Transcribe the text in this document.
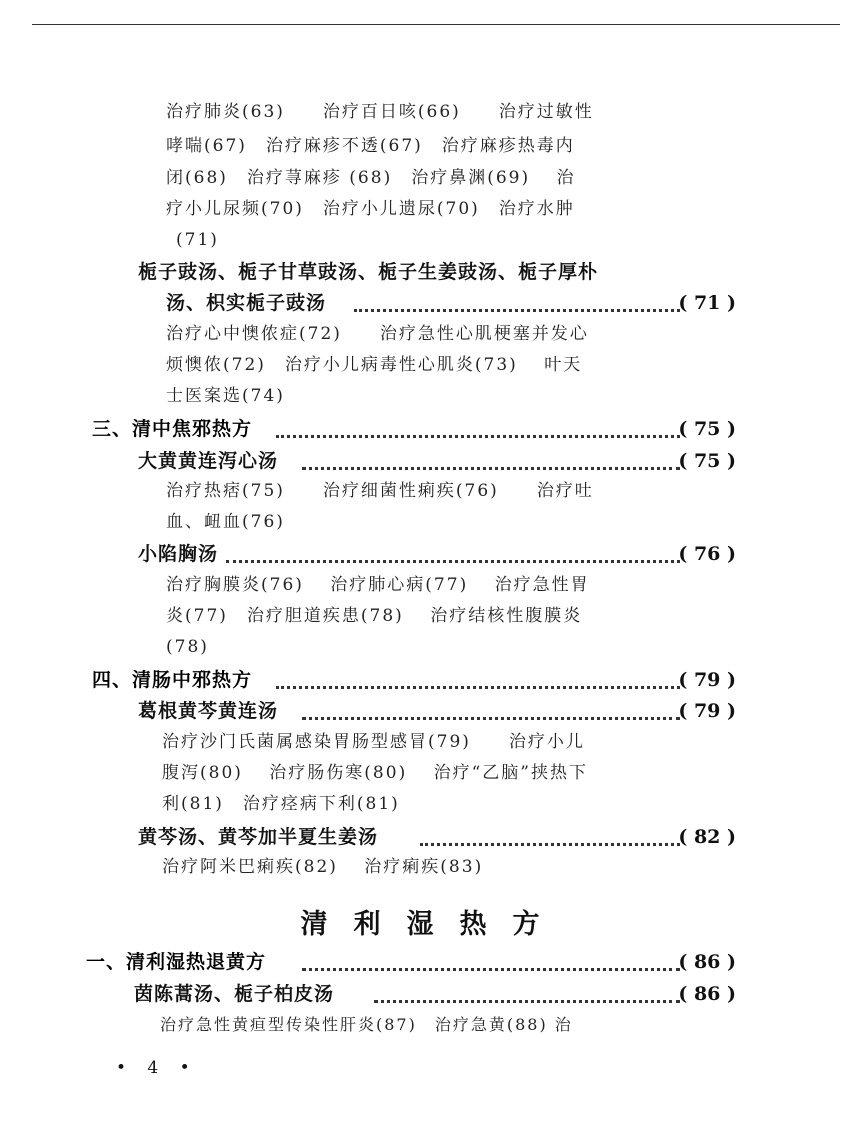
治疗肺炎(63)　　治疗百日咳(66)　　治疗过敏性
哮喘(67)　治疗麻疹不透(67)　治疗麻疹热毒内
闭(68)　治疗荨麻疹 (68)　治疗鼻渊(69)　 治
疗小儿尿频(70)　治疗小儿遗尿(70)　治疗水肿
(71)
栀子豉汤、栀子甘草豉汤、栀子生姜豉汤、栀子厚朴
汤、枳实栀子豉汤	( 71 )
治疗心中懊侬症(72)　　治疗急性心肌梗塞并发心
烦懊侬(72)　治疗小儿病毒性心肌炎(73)　 叶天
士医案选(74)
三、清中焦邪热方	( 75 )
大黄黄连泻心汤	( 75 )
治疗热痞(75)　　治疗细菌性痢疾(76)　　治疗吐
血、衄血(76)
小陷胸汤	( 76 )
治疗胸膜炎(76)　 治疗肺心病(77)　 治疗急性胃
炎(77)　治疗胆道疾患(78)　 治疗结核性腹膜炎
(78)
四、清肠中邪热方	( 79 )
葛根黄芩黄连汤	( 79 )
治疗沙门氏菌属感染胃肠型感冒(79)　　治疗小儿
腹泻(80)　 治疗肠伤寒(80)　 治疗“乙脑”挟热下
利(81)　治疗痉病下利(81)
黄芩汤、黄芩加半夏生姜汤	( 82 )
治疗阿米巴痢疾(82)　 治疗痢疾(83)
清利湿热方
一、清利湿热退黄方	( 86 )
茵陈蒿汤、栀子柏皮汤	( 86 )
治疗急性黄疸型传染性肝炎(87)　治疗急黄(88) 治
• 4 •
